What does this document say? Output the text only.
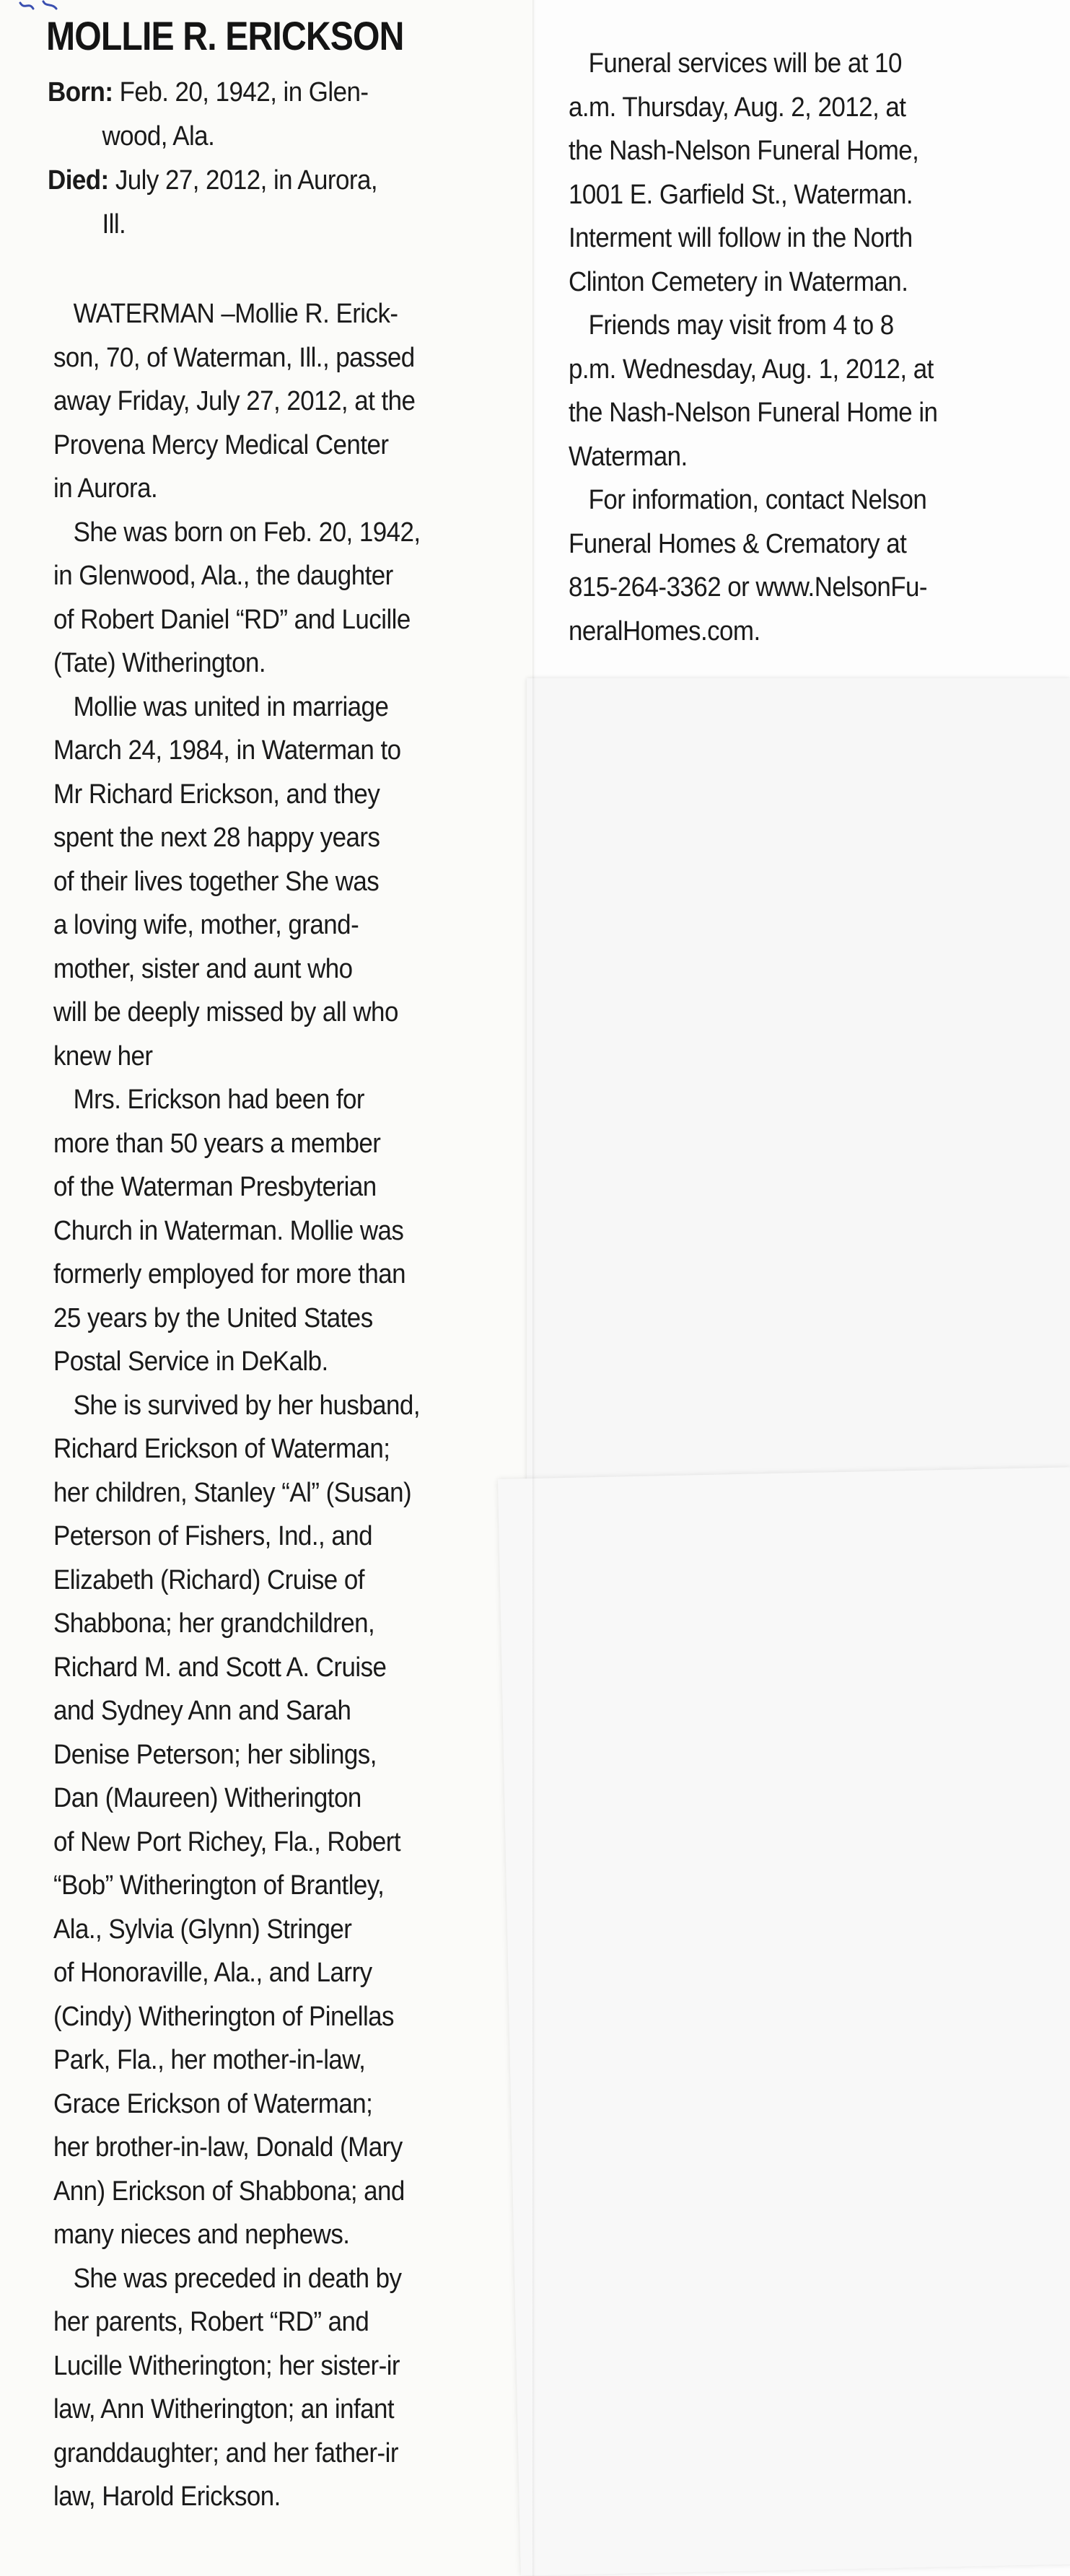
MOLLIE R. ERICKSON
Born: Feb. 20, 1942, in Glen-
wood, Ala.
Died: July 27, 2012, in Aurora,
Ill.
WATERMAN –Mollie R. Erick-
son, 70, of Waterman, Ill., passed
away Friday, July 27, 2012, at the
Provena Mercy Medical Center
in Aurora.
She was born on Feb. 20, 1942,
in Glenwood, Ala., the daughter
of Robert Daniel “RD” and Lucille
(Tate) Witherington.
Mollie was united in marriage
March 24, 1984, in Waterman to
Mr Richard Erickson, and they
spent the next 28 happy years
of their lives together She was
a loving wife, mother, grand-
mother, sister and aunt who
will be deeply missed by all who
knew her
Mrs. Erickson had been for
more than 50 years a member
of the Waterman Presbyterian
Church in Waterman. Mollie was
formerly employed for more than
25 years by the United States
Postal Service in DeKalb.
She is survived by her husband,
Richard Erickson of Waterman;
her children, Stanley “Al” (Susan)
Peterson of Fishers, Ind., and
Elizabeth (Richard) Cruise of
Shabbona; her grandchildren,
Richard M. and Scott A. Cruise
and Sydney Ann and Sarah
Denise Peterson; her siblings,
Dan (Maureen) Witherington
of New Port Richey, Fla., Robert
“Bob” Witherington of Brantley,
Ala., Sylvia (Glynn) Stringer
of Honoraville, Ala., and Larry
(Cindy) Witherington of Pinellas
Park, Fla., her mother-in-law,
Grace Erickson of Waterman;
her brother-in-law, Donald (Mary
Ann) Erickson of Shabbona; and
many nieces and nephews.
She was preceded in death by
her parents, Robert “RD” and
Lucille Witherington; her sister-ir
law, Ann Witherington; an infant
granddaughter; and her father-ir
law, Harold Erickson.
Funeral services will be at 10
a.m. Thursday, Aug. 2, 2012, at
the Nash-Nelson Funeral Home,
1001 E. Garfield St., Waterman.
Interment will follow in the North
Clinton Cemetery in Waterman.
Friends may visit from 4 to 8
p.m. Wednesday, Aug. 1, 2012, at
the Nash-Nelson Funeral Home in
Waterman.
For information, contact Nelson
Funeral Homes & Crematory at
815-264-3362 or www.NelsonFu-
neralHomes.com.
